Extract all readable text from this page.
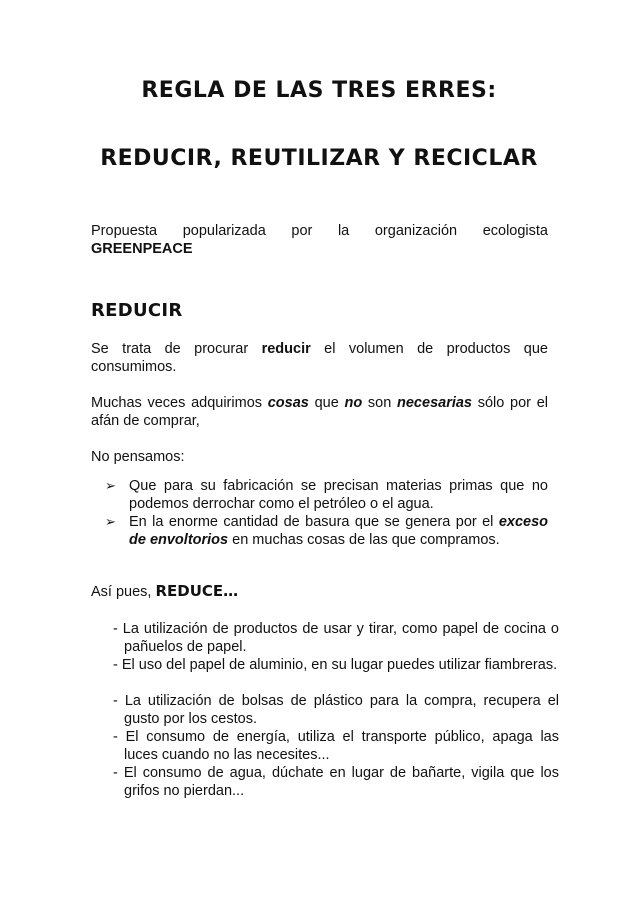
REGLA DE LAS TRES ERRES:
REDUCIR, REUTILIZAR Y RECICLAR
Propuesta popularizada por la organización ecologista
GREENPEACE
REDUCIR
Se trata de procurar reducir el volumen de productos que consumimos.
Muchas veces adquirimos cosas que no son necesarias sólo por el afán de comprar,
No pensamos:
➢ Que para su fabricación se precisan materias primas que no podemos derrochar como el petróleo o el agua.
➢ En la enorme cantidad de basura que se genera por el exceso de envoltorios en muchas cosas de las que compramos.
Así pues, REDUCE…
- La utilización de productos de usar y tirar, como papel de cocina o pañuelos de papel.
- El uso del papel de aluminio, en su lugar puedes utilizar fiambreras.
- La utilización de bolsas de plástico para la compra, recupera el gusto por los cestos.
- El consumo de energía, utiliza el transporte público, apaga las luces cuando no las necesites...
- El consumo de agua, dúchate en lugar de bañarte, vigila que los grifos no pierdan...
